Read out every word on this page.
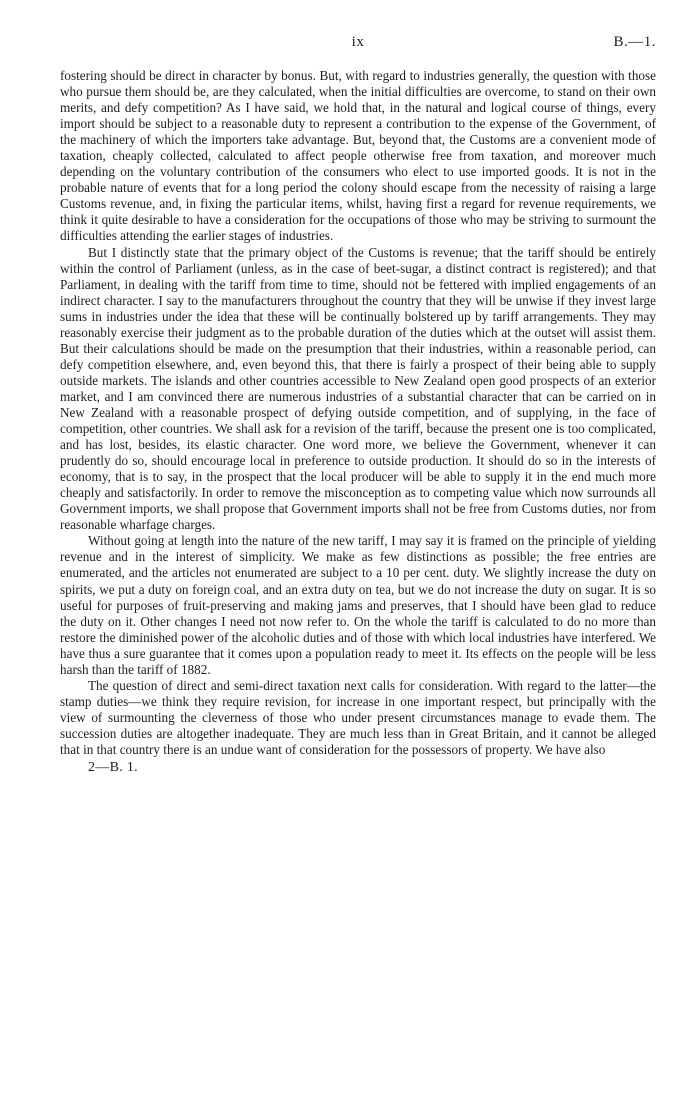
ix	B.—1.

fostering should be direct in character by bonus. But, with regard to industries generally, the question with those who pursue them should be, are they calculated, when the initial difficulties are overcome, to stand on their own merits, and defy competition? As I have said, we hold that, in the natural and logical course of things, every import should be subject to a reasonable duty to represent a contribution to the expense of the Government, of the machinery of which the importers take advantage. But, beyond that, the Customs are a convenient mode of taxation, cheaply collected, calculated to affect people otherwise free from taxation, and moreover much depending on the voluntary contribution of the consumers who elect to use imported goods. It is not in the probable nature of events that for a long period the colony should escape from the necessity of raising a large Customs revenue, and, in fixing the particular items, whilst, having first a regard for revenue requirements, we think it quite desirable to have a consideration for the occupations of those who may be striving to surmount the difficulties attending the earlier stages of industries.

But I distinctly state that the primary object of the Customs is revenue; that the tariff should be entirely within the control of Parliament (unless, as in the case of beet-sugar, a distinct contract is registered); and that Parliament, in dealing with the tariff from time to time, should not be fettered with implied engagements of an indirect character. I say to the manufacturers throughout the country that they will be unwise if they invest large sums in industries under the idea that these will be continually bolstered up by tariff arrangements. They may reasonably exercise their judgment as to the probable duration of the duties which at the outset will assist them. But their calculations should be made on the presumption that their industries, within a reasonable period, can defy competition elsewhere, and, even beyond this, that there is fairly a prospect of their being able to supply outside markets. The islands and other countries accessible to New Zealand open good prospects of an exterior market, and I am convinced there are numerous industries of a substantial character that can be carried on in New Zealand with a reasonable prospect of defying outside competition, and of supplying, in the face of competition, other countries. We shall ask for a revision of the tariff, because the present one is too complicated, and has lost, besides, its elastic character. One word more, we believe the Government, whenever it can prudently do so, should encourage local in preference to outside production. It should do so in the interests of economy, that is to say, in the prospect that the local producer will be able to supply it in the end much more cheaply and satisfactorily. In order to remove the misconception as to competing value which now surrounds all Government imports, we shall propose that Government imports shall not be free from Customs duties, nor from reasonable wharfage charges.

Without going at length into the nature of the new tariff, I may say it is framed on the principle of yielding revenue and in the interest of simplicity. We make as few distinctions as possible; the free entries are enumerated, and the articles not enumerated are subject to a 10 per cent. duty. We slightly increase the duty on spirits, we put a duty on foreign coal, and an extra duty on tea, but we do not increase the duty on sugar. It is so useful for purposes of fruit-preserving and making jams and preserves, that I should have been glad to reduce the duty on it. Other changes I need not now refer to. On the whole the tariff is calculated to do no more than restore the diminished power of the alcoholic duties and of those with which local industries have interfered. We have thus a sure guarantee that it comes upon a population ready to meet it. Its effects on the people will be less harsh than the tariff of 1882.

The question of direct and semi-direct taxation next calls for consideration. With regard to the latter—the stamp duties—we think they require revision, for increase in one important respect, but principally with the view of surmounting the cleverness of those who under present circumstances manage to evade them. The succession duties are altogether inadequate. They are much less than in Great Britain, and it cannot be alleged that in that country there is an undue want of consideration for the possessors of property. We have also

2—B. 1.
